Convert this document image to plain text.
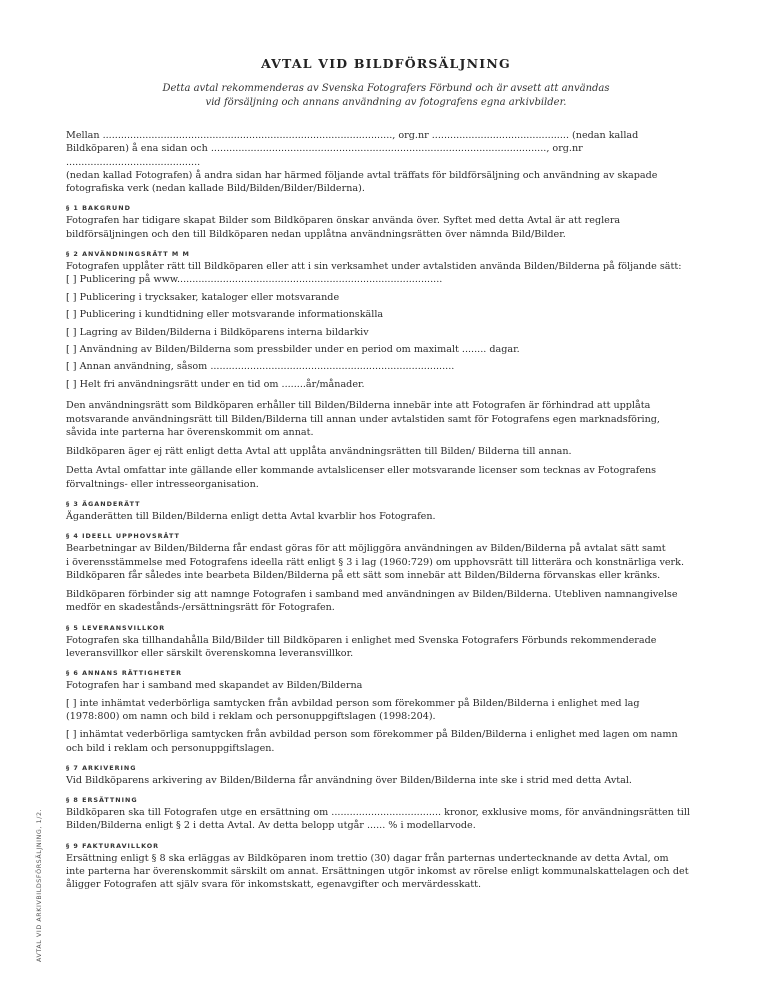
AVTAL VID BILDFÖRSÄLJNING
Detta avtal rekommenderas av Svenska Fotografers Förbund och är avsett att användas
vid försäljning och annans användning av fotografens egna arkivbilder.

Mellan ..............................................................................................., org.nr ............................................. (nedan kallad

Bildköparen) å ena sidan och .............................................................................................................., org.nr ............................................

(nedan kallad Fotografen) å andra sidan har härmed följande avtal träffats för bildförsäljning och användning av skapade

fotografiska verk (nedan kallade Bild/Bilden/Bilder/Bilderna).

§ 1 BAKGRUND

Fotografen har tidigare skapat Bilder som Bildköparen önskar använda över. Syftet med detta Avtal är att reglera

bildförsäljningen och den till Bildköparen nedan upplåtna användningsrätten över nämnda Bild/Bilder.

§ 2 ANVÄNDNINGSRÄTT M M

Fotografen upplåter rätt till Bildköparen eller att i sin verksamhet under avtalstiden använda Bilden/Bilderna på följande sätt:

[ ] Publicering på www.......................................................................................
[ ] Publicering i trycksaker, kataloger eller motsvarande
[ ] Publicering i kundtidning eller motsvarande informationskälla
[ ] Lagring av Bilden/Bilderna i Bildköparens interna bildarkiv
[ ] Användning av Bilden/Bilderna som pressbilder under en period om maximalt ........ dagar.
[ ] Annan användning, såsom ................................................................................
[ ] Helt fri användningsrätt under en tid om ........år/månader.

Den användningsrätt som Bildköparen erhåller till Bilden/Bilderna innebär inte att Fotografen är förhindrad att upplåta

motsvarande användningsrätt till Bilden/Bilderna till annan under avtalstiden samt för Fotografens egen marknadsföring,

såvida inte parterna har överenskommit om annat.

Bildköparen äger ej rätt enligt detta Avtal att upplåta användningsrätten till Bilden/ Bilderna till annan.

Detta Avtal omfattar inte gällande eller kommande avtalslicenser eller motsvarande licenser som tecknas av Fotografens

förvaltnings- eller intresseorganisation.

§ 3 ÄGANDERÄTT

Äganderätten till Bilden/Bilderna enligt detta Avtal kvarblir hos Fotografen.

§ 4 IDEELL UPPHOVSRÄTT

Bearbetningar av Bilden/Bilderna får endast göras för att möjliggöra användningen av Bilden/Bilderna på avtalat sätt samt

i överensstämmelse med Fotografens ideella rätt enligt § 3 i lag (1960:729) om upphovsrätt till litterära och konstnärliga verk.

Bildköparen får således inte bearbeta Bilden/Bilderna på ett sätt som innebär att Bilden/Bilderna förvanskas eller kränks.

Bildköparen förbinder sig att namnge Fotografen i samband med användningen av Bilden/Bilderna. Utebliven namnangivelse

medför en skadestånds-/ersättningsrätt för Fotografen.

§ 5 LEVERANSVILLKOR

Fotografen ska tillhandahålla Bild/Bilder till Bildköparen i enlighet med Svenska Fotografers Förbunds rekommenderade

leveransvillkor eller särskilt överenskomna leveransvillkor.

§ 6 ANNANS RÄTTIGHETER

Fotografen har i samband med skapandet av Bilden/Bilderna

[ ] inte inhämtat vederbörliga samtycken från avbildad person som förekommer på Bilden/Bilderna i enlighet med lag

(1978:800) om namn och bild i reklam och personuppgiftslagen (1998:204).

[ ] inhämtat vederbörliga samtycken från avbildad person som förekommer på Bilden/Bilderna i enlighet med lagen om namn

och bild i reklam och personuppgiftslagen.

§ 7 ARKIVERING

Vid Bildköparens arkivering av Bilden/Bilderna får användning över Bilden/Bilderna inte ske i strid med detta Avtal.

§ 8 ERSÄTTNING

Bildköparen ska till Fotografen utge en ersättning om .................................... kronor, exklusive moms, för användningsrätten till

Bilden/Bilderna enligt § 2 i detta Avtal. Av detta belopp utgår ...... % i modellarvode.

§ 9 FAKTURAVILLKOR

Ersättning enligt § 8 ska erläggas av Bildköparen inom trettio (30) dagar från parternas undertecknande av detta Avtal, om

inte parterna har överenskommit särskilt om annat. Ersättningen utgör inkomst av rörelse enligt kommunalskattelagen och det

åligger Fotografen att själv svara för inkomstskatt, egenavgifter och mervärdesskatt.

AVTAL VID ARKIVBILDSFÖRSÄLJNING, 1/2.
